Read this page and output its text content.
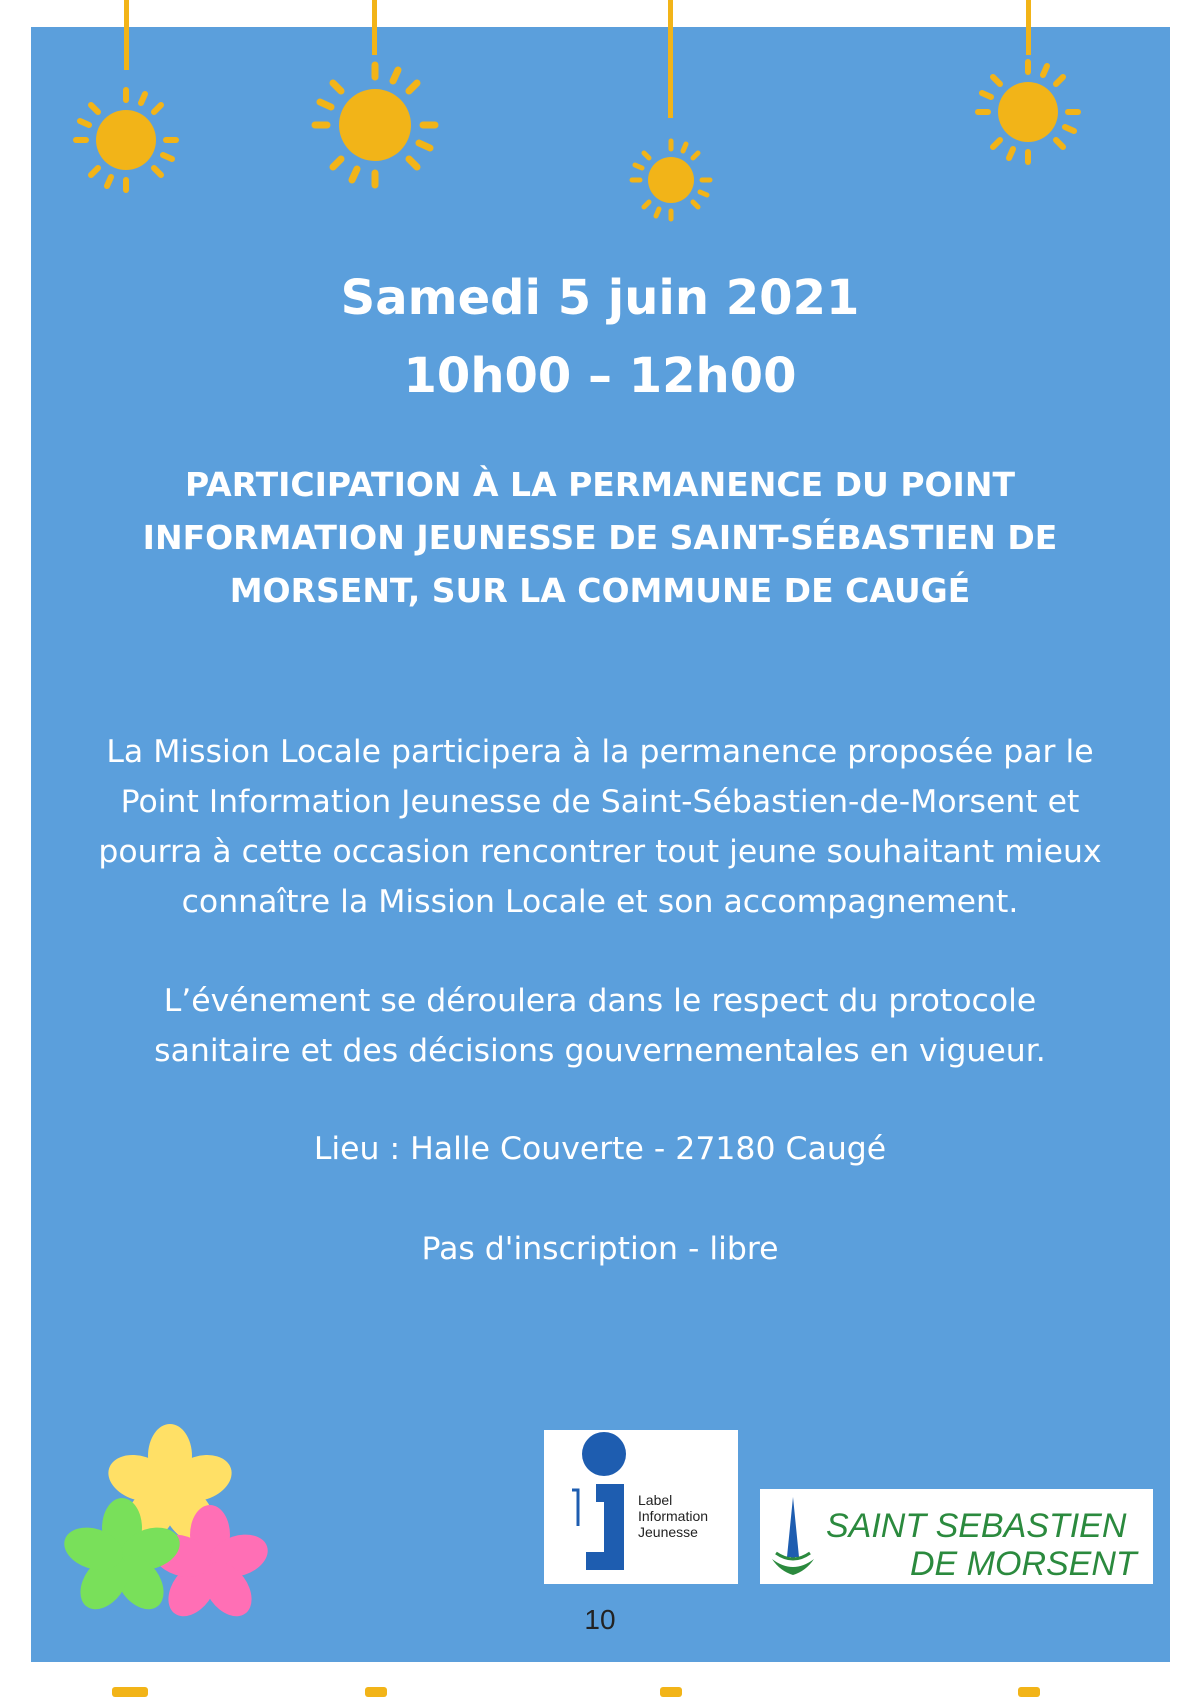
Samedi 5 juin 2021
10h00 – 12h00
PARTICIPATION À LA PERMANENCE DU POINT
INFORMATION JEUNESSE DE SAINT-SÉBASTIEN DE
MORSENT, SUR LA COMMUNE DE CAUGÉ
La Mission Locale participera à la permanence proposée par le
Point Information Jeunesse de Saint-Sébastien-de-Morsent et
pourra à cette occasion rencontrer tout jeune souhaitant mieux
connaître la Mission Locale et son accompagnement.
L’événement se déroulera dans le respect du protocole
sanitaire et des décisions gouvernementales en vigueur.
Lieu : Halle Couverte - 27180 Caugé
Pas d'inscription - libre
Label
Information
Jeunesse	SAINT SEBASTIEN
DE MORSENT
10
